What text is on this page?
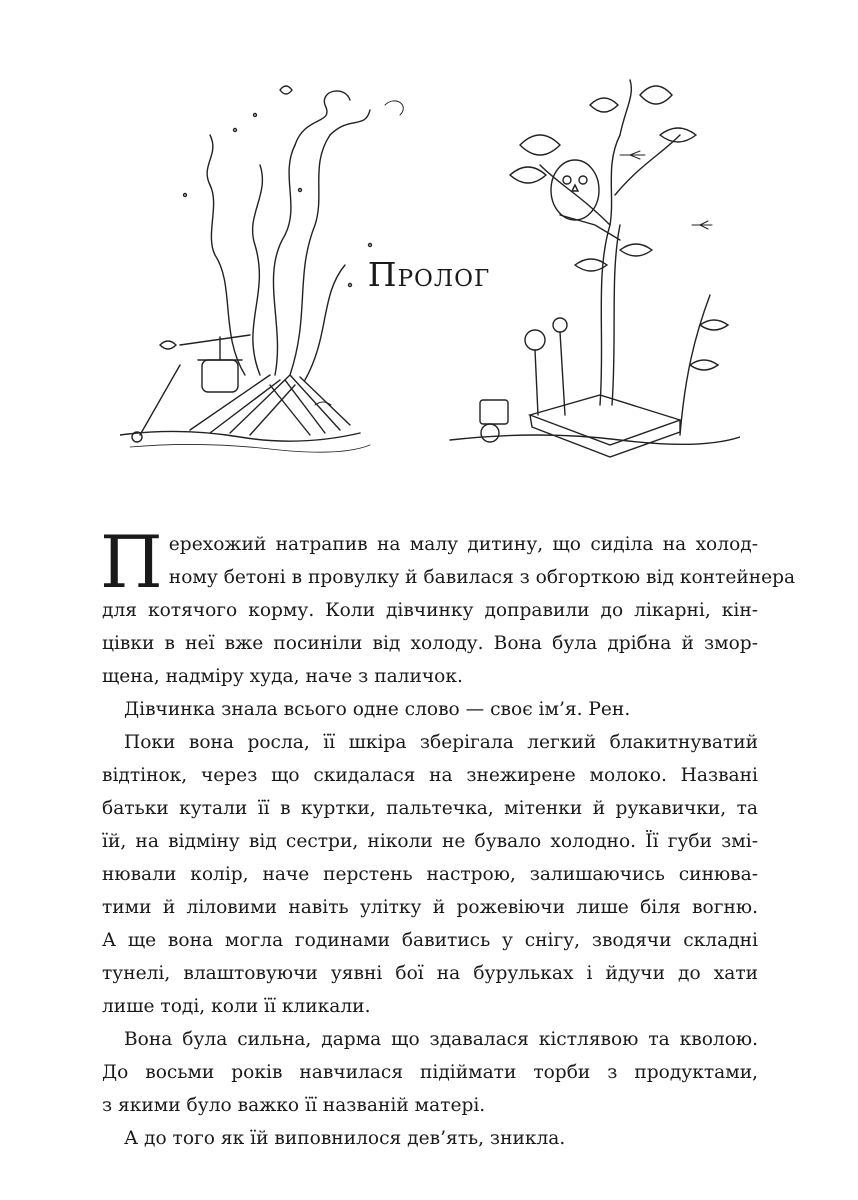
Пролог
П ерехожий натрапив на малу дитину, що сиділа на холод-
ному бетоні в провулку й бавилася з обгорткою від контейнера
для котячого корму. Коли дівчинку доправили до лікарні, кін-
цівки в неї вже посиніли від холоду. Вона була дрібна й змор-
щена, надміру худа, наче з паличок.
Дівчинка знала всього одне слово — своє ім’я. Рен.
Поки вона росла, її шкіра зберігала легкий блакитнуватий
відтінок, через що скидалася на знежирене молоко. Названі
батьки кутали її в куртки, пальтечка, мітенки й рукавички, та
їй, на відміну від сестри, ніколи не бувало холодно. Її губи змі-
нювали колір, наче перстень настрою, залишаючись синюва-
тими й ліловими навіть улітку й рожевіючи лише біля вогню.
А ще вона могла годинами бавитись у снігу, зводячи складні
тунелі, влаштовуючи уявні бої на бурульках і йдучи до хати
лише тоді, коли її кликали.
Вона була сильна, дарма що здавалася кістлявою та кволою.
До восьми років навчилася підіймати торби з продуктами,
з якими було важко її названій матері.
А до того як їй виповнилося дев’ять, зникла.
